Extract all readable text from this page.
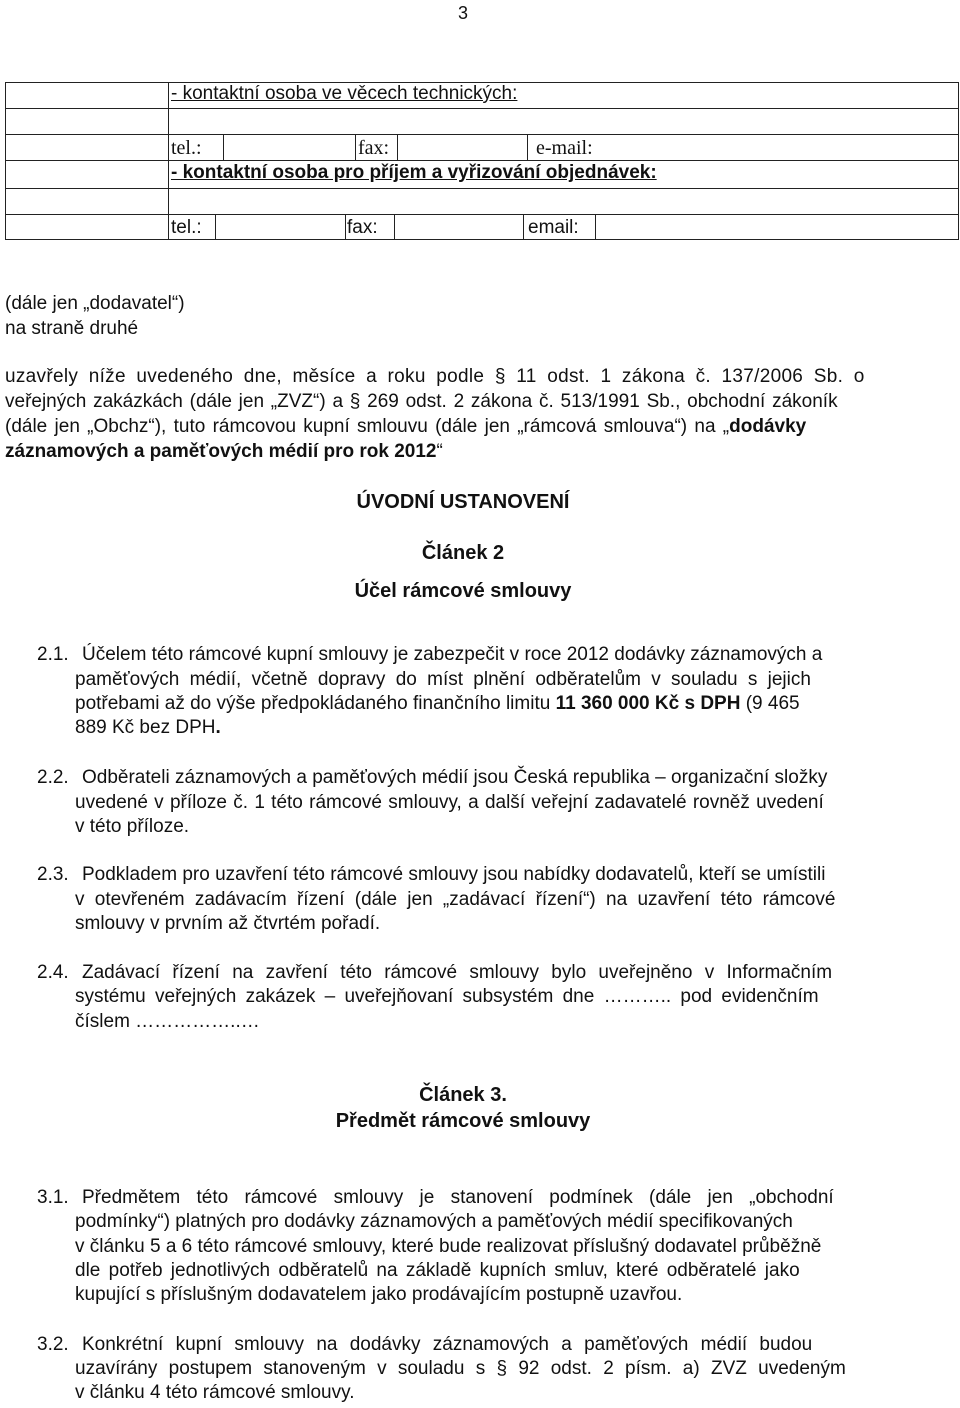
3
- kontaktní osoba ve věcech technických:
tel.:	fax:	e-mail:
- kontaktní osoba pro příjem a vyřizování objednávek:
tel.:	fax:	email:
(dále jen „dodavatel“)
na straně druhé
uzavřely níže uvedeného dne, měsíce a roku podle § 11 odst. 1 zákona č. 137/2006 Sb. o
veřejných zakázkách (dále jen „ZVZ“) a § 269 odst. 2 zákona č. 513/1991 Sb., obchodní zákoník
(dále jen „Obchz“), tuto rámcovou kupní smlouvu (dále jen „rámcová smlouva“) na „dodávky
záznamových a paměťových médií pro rok 2012“
ÚVODNÍ USTANOVENÍ
Článek 2
Účel rámcové smlouvy
2.1. Účelem této rámcové kupní smlouvy je zabezpečit v roce 2012 dodávky záznamových a
paměťových médií, včetně dopravy do míst plnění odběratelům v souladu s jejich
potřebami až do výše předpokládaného finančního limitu 11 360 000 Kč s DPH (9 465
889 Kč bez DPH.
2.2. Odběrateli záznamových a paměťových médií jsou Česká republika – organizační složky
uvedené v příloze č. 1 této rámcové smlouvy, a další veřejní zadavatelé rovněž uvedení
v této příloze.
2.3. Podkladem pro uzavření této rámcové smlouvy jsou nabídky dodavatelů, kteří se umístili
v otevřeném zadávacím řízení (dále jen „zadávací řízení“) na uzavření této rámcové
smlouvy v prvním až čtvrtém pořadí.
2.4. Zadávací řízení na zavření této rámcové smlouvy bylo uveřejněno v Informačním
systému veřejných zakázek – uveřejňovaní subsystém dne ……….. pod evidenčním
číslem ……………..…
Článek 3.
Předmět rámcové smlouvy
3.1. Předmětem této rámcové smlouvy je stanovení podmínek (dále jen „obchodní
podmínky“) platných pro dodávky záznamových a paměťových médií specifikovaných
v článku 5 a 6 této rámcové smlouvy, které bude realizovat příslušný dodavatel průběžně
dle potřeb jednotlivých odběratelů na základě kupních smluv, které odběratelé jako
kupující s příslušným dodavatelem jako prodávajícím postupně uzavřou.
3.2. Konkrétní kupní smlouvy na dodávky záznamových a paměťových médií budou
uzavírány postupem stanoveným v souladu s § 92 odst. 2 písm. a) ZVZ uvedeným
v článku 4 této rámcové smlouvy.
